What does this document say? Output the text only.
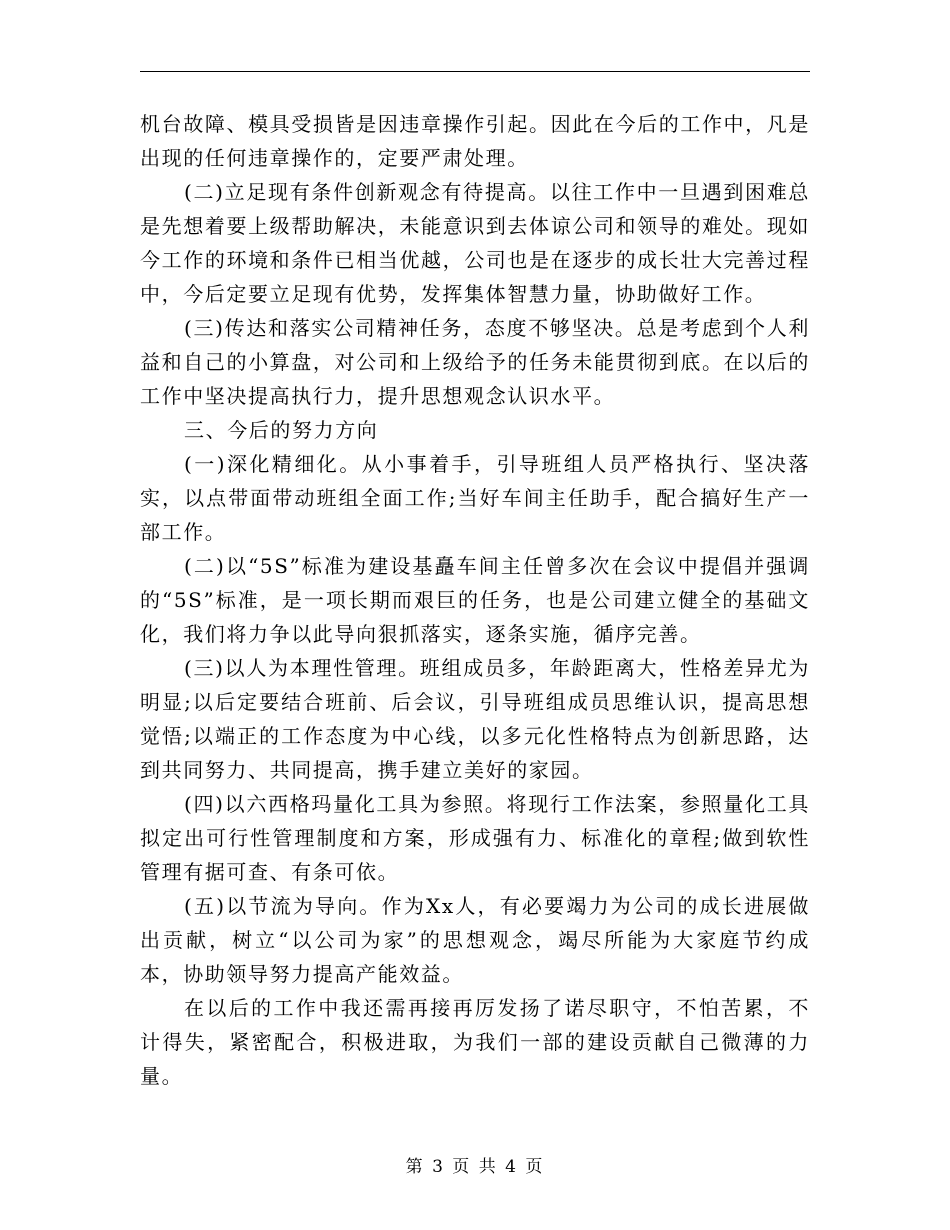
机台故障、模具受损皆是因违章操作引起。因此在今后的工作中，凡是出现的任何违章操作的，定要严肃处理。

(二)立足现有条件创新观念有待提高。以往工作中一旦遇到困难总是先想着要上级帮助解决，未能意识到去体谅公司和领导的难处。现如今工作的环境和条件已相当优越，公司也是在逐步的成长壮大完善过程中，今后定要立足现有优势，发挥集体智慧力量，协助做好工作。

(三)传达和落实公司精神任务，态度不够坚决。总是考虑到个人利益和自己的小算盘，对公司和上级给予的任务未能贯彻到底。在以后的工作中坚决提高执行力，提升思想观念认识水平。

三、今后的努力方向

(一)深化精细化。从小事着手，引导班组人员严格执行、坚决落实，以点带面带动班组全面工作;当好车间主任助手，配合搞好生产一部工作。

(二)以“5S”标准为建设基矗车间主任曾多次在会议中提倡并强调的“5S”标准，是一项长期而艰巨的任务，也是公司建立健全的基础文化，我们将力争以此导向狠抓落实，逐条实施，循序完善。

(三)以人为本理性管理。班组成员多，年龄距离大，性格差异尤为明显;以后定要结合班前、后会议，引导班组成员思维认识，提高思想觉悟;以端正的工作态度为中心线，以多元化性格特点为创新思路，达到共同努力、共同提高，携手建立美好的家园。

(四)以六西格玛量化工具为参照。将现行工作法案，参照量化工具拟定出可行性管理制度和方案，形成强有力、标准化的章程;做到软性管理有据可查、有条可依。

(五)以节流为导向。作为Xx人，有必要竭力为公司的成长进展做出贡献，树立“以公司为家”的思想观念，竭尽所能为大家庭节约成本，协助领导努力提高产能效益。

在以后的工作中我还需再接再厉发扬了诺尽职守，不怕苦累，不计得失，紧密配合，积极进取，为我们一部的建设贡献自己微薄的力量。

第 3 页 共 4 页
